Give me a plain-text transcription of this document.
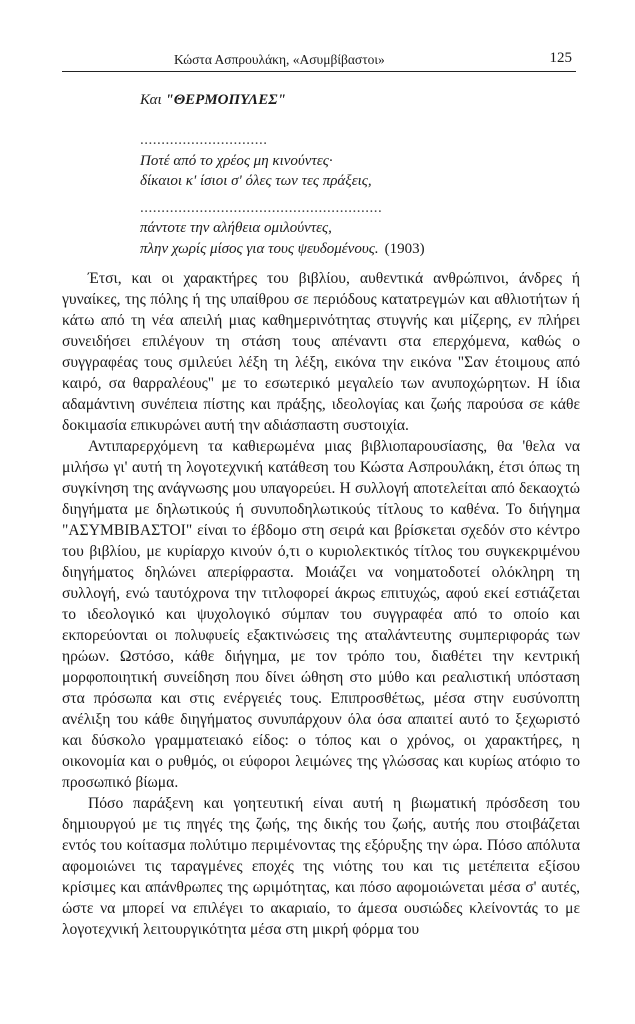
Κώστα Ασπρουλάκη, «Ασυμβίβαστοι»	125
Και "ΘΕΡΜΟΠΥΛΕΣ"
..............................
Ποτέ από το χρέος μη κινούντες·
δίκαιοι κ' ίσιοι σ' όλες των τες πράξεις,
.........................................................
πάντοτε την αλήθεια ομιλούντες,
πλην χωρίς μίσος για τους ψευδομένους. (1903)

Έτσι, και οι χαρακτήρες του βιβλίου, αυθεντικά ανθρώπινοι, άνδρες ή γυναίκες, της πόλης ή της υπαίθρου σε περιόδους κατατρεγμών και αθλιοτήτων ή κάτω από τη νέα απειλή μιας καθημερινότητας στυγνής και μίζερης, εν πλήρει συνειδήσει επιλέγουν τη στάση τους απέναντι στα επερχόμενα, καθώς ο συγγραφέας τους σμιλεύει λέξη τη λέξη, εικόνα την εικόνα "Σαν έτοιμους από καιρό, σα θαρραλέους" με το εσωτερικό μεγαλείο των ανυποχώρητων. Η ίδια αδαμάντινη συνέπεια πίστης και πράξης, ιδεολογίας και ζωής παρούσα σε κάθε δοκιμασία επικυρώνει αυτή την αδιάσπαστη συστοιχία.

Αντιπαρερχόμενη τα καθιερωμένα μιας βιβλιοπαρουσίασης, θα 'θελα να μιλήσω γι' αυτή τη λογοτεχνική κατάθεση του Κώστα Ασπρουλάκη, έτσι όπως τη συγκίνηση της ανάγνωσης μου υπαγορεύει. Η συλλογή αποτελείται από δεκαοχτώ διηγήματα με δηλωτικούς ή συνυποδηλωτικούς τίτλους το καθένα. Το διήγημα "ΑΣΥΜΒΙΒΑΣΤΟΙ" είναι το έβδομο στη σειρά και βρίσκεται σχεδόν στο κέντρο του βιβλίου, με κυρίαρχο κινούν ό,τι ο κυριολεκτικός τίτλος του συγκεκριμένου διηγήματος δηλώνει απερίφραστα. Μοιάζει να νοηματοδοτεί ολόκληρη τη συλλογή, ενώ ταυτόχρονα την τιτλοφορεί άκρως επιτυχώς, αφού εκεί εστιάζεται το ιδεολογικό και ψυχολογικό σύμπαν του συγγραφέα από το οποίο και εκπορεύονται οι πολυφυείς εξακτινώσεις της αταλάντευτης συμπεριφοράς των ηρώων. Ωστόσο, κάθε διήγημα, με τον τρόπο του, διαθέτει την κεντρική μορφοποιητική συνείδηση που δίνει ώθηση στο μύθο και ρεαλιστική υπόσταση στα πρόσωπα και στις ενέργειές τους. Επιπροσθέτως, μέσα στην ευσύνοπτη ανέλιξη του κάθε διηγήματος συνυπάρχουν όλα όσα απαιτεί αυτό το ξεχωριστό και δύσκολο γραμματειακό είδος: ο τόπος και ο χρόνος, οι χαρακτήρες, η οικονομία και ο ρυθμός, οι εύφοροι λειμώνες της γλώσσας και κυρίως ατόφιο το προσωπικό βίωμα.

Πόσο παράξενη και γοητευτική είναι αυτή η βιωματική πρόσδεση του δημιουργού με τις πηγές της ζωής, της δικής του ζωής, αυτής που στοιβάζεται εντός του κοίτασμα πολύτιμο περιμένοντας της εξόρυξης την ώρα. Πόσο απόλυτα αφομοιώνει τις ταραγμένες εποχές της νιότης του και τις μετέπειτα εξίσου κρίσιμες και απάνθρωπες της ωριμότητας, και πόσο αφομοιώνεται μέσα σ' αυτές, ώστε να μπορεί να επιλέγει το ακαριαίο, το άμεσα ουσιώδες κλείνοντάς το με λογοτεχνική λειτουργικότητα μέσα στη μικρή φόρμα του
